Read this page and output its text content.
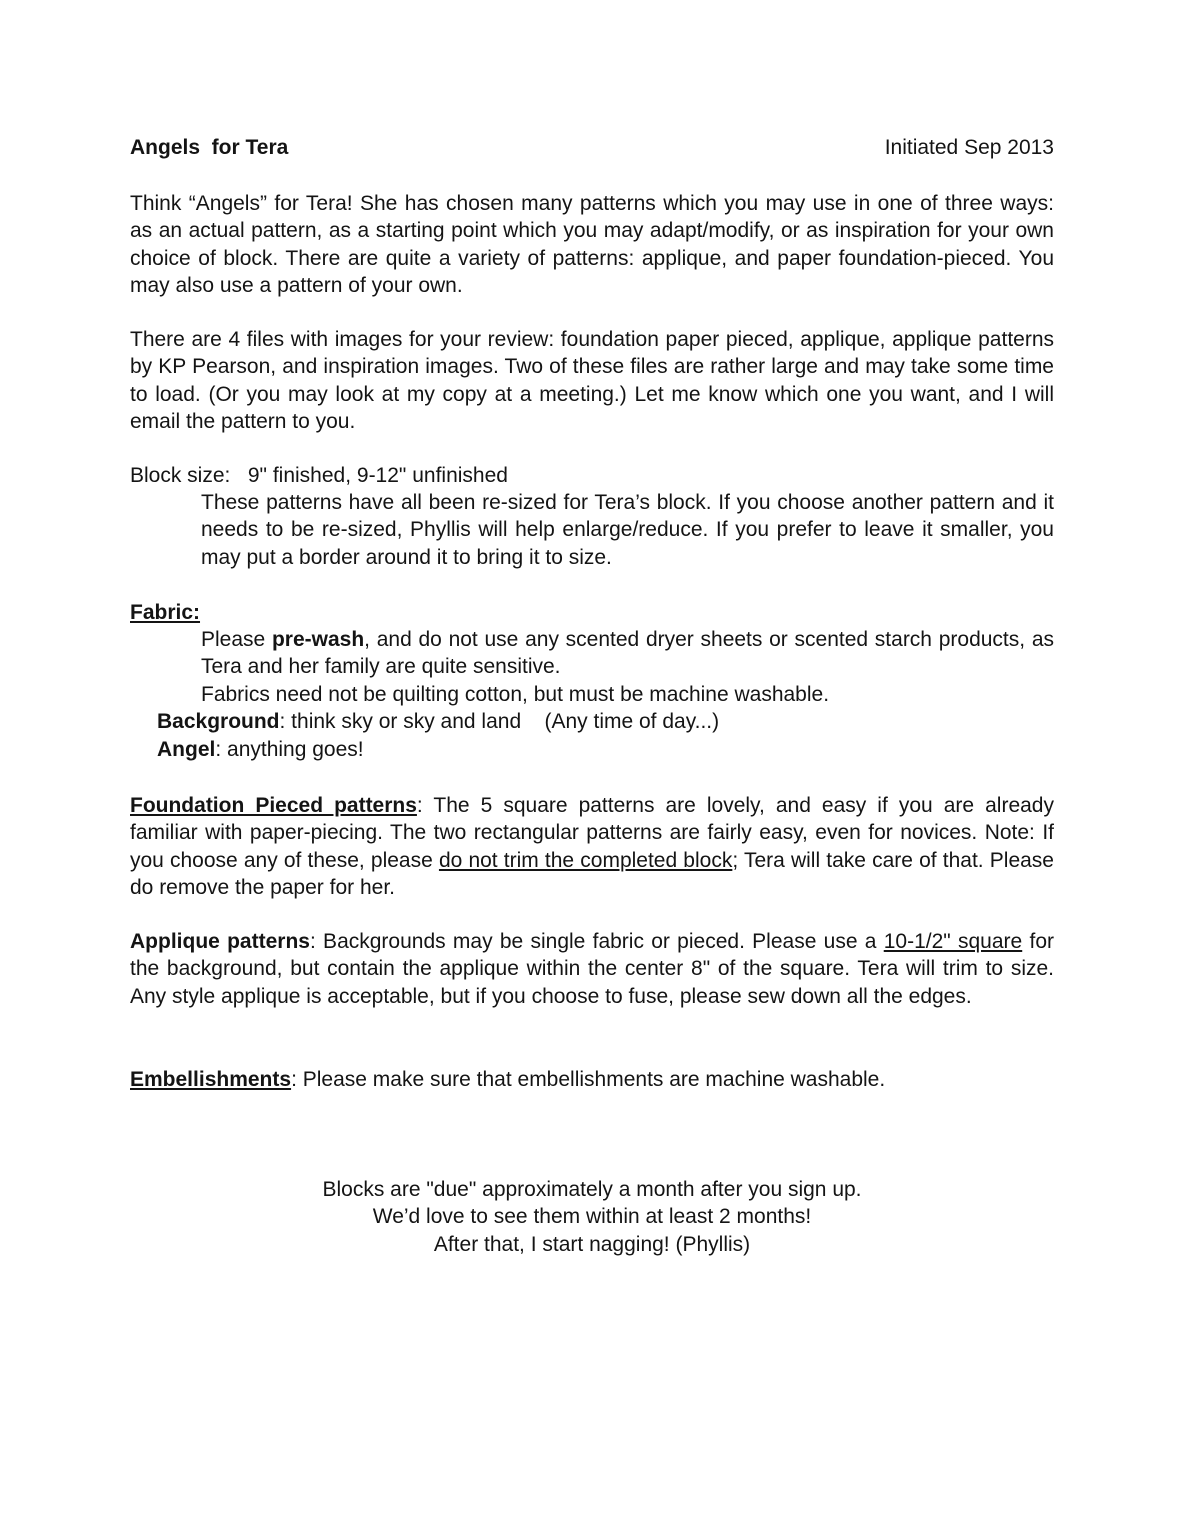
Angels  for Tera	Initiated Sep 2013

Think “Angels” for Tera! She has chosen many patterns which you may use in one of three ways: as an actual pattern, as a starting point which you may adapt/modify, or as inspiration for your own choice of block. There are quite a variety of patterns: applique, and paper foundation-pieced. You may also use a pattern of your own.

There are 4 files with images for your review: foundation paper pieced, applique, applique patterns by KP Pearson, and inspiration images. Two of these files are rather large and may take some time to load. (Or you may look at my copy at a meeting.) Let me know which one you want, and I will email the pattern to you.

Block size:   9" finished, 9-12" unfinished

These patterns have all been re-sized for Tera’s block. If you choose another pattern and it needs to be re-sized, Phyllis will help enlarge/reduce. If you prefer to leave it smaller, you may put a border around it to bring it to size.

Fabric:

Please pre-wash, and do not use any scented dryer sheets or scented starch products, as Tera and her family are quite sensitive.

Fabrics need not be quilting cotton, but must be machine washable.

Background: think sky or sky and land    (Any time of day...)

Angel: anything goes!

Foundation Pieced patterns: The 5 square patterns are lovely, and easy if you are already familiar with paper-piecing. The two rectangular patterns are fairly easy, even for novices. Note: If you choose any of these, please do not trim the completed block; Tera will take care of that. Please do remove the paper for her.

Applique patterns: Backgrounds may be single fabric or pieced. Please use a 10-1/2" square for the background, but contain the applique within the center 8" of the square. Tera will trim to size. Any style applique is acceptable, but if you choose to fuse, please sew down all the edges.

Embellishments: Please make sure that embellishments are machine washable.

Blocks are "due" approximately a month after you sign up.
We’d love to see them within at least 2 months!
After that, I start nagging! (Phyllis)
